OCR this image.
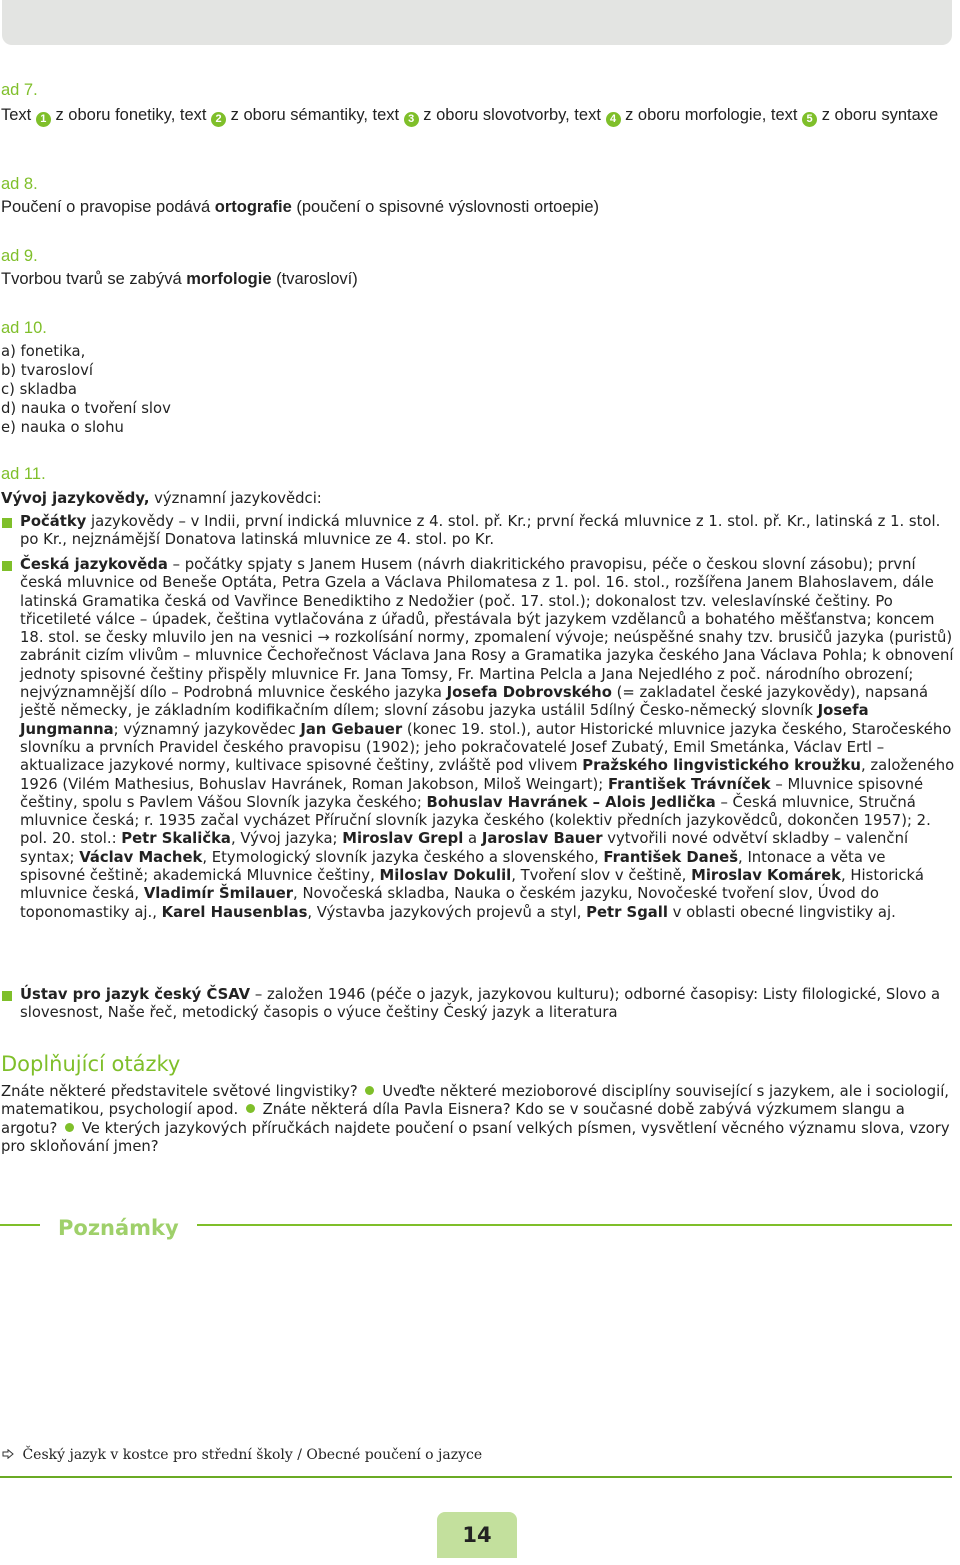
ad 7.
Text 1 z oboru fonetiky, text 2 z oboru sémantiky, text 3 z oboru slovotvorby, text 4 z oboru morfologie, text 5 z oboru syntaxe
ad 8.
Poučení o pravopise podává ortografie (poučení o spisovné výslovnosti ortoepie)
ad 9.
Tvorbou tvarů se zabývá morfologie (tvarosloví)
ad 10.
a) fonetika,
b) tvarosloví
c) skladba
d) nauka o tvoření slov
e) nauka o slohu
ad 11.
Vývoj jazykovědy, významní jazykovědci:
Počátky jazykovědy – v Indii, první indická mluvnice z 4. stol. př. Kr.; první řecká mluvnice z 1. stol. př. Kr., latinská z 1. stol. po Kr., nejznámější Donatova latinská mluvnice ze 4. stol. po Kr.
Česká jazykověda – počátky spjaty s Janem Husem (návrh diakritického pravopisu, péče o českou slovní zásobu); první česká mluvnice od Beneše Optáta, Petra Gzela a Václava Philomatesa z 1. pol. 16. stol., rozšířena Janem Blahoslavem, dále latinská Gramatika česká od Vavřince Benediktiho z Nedožier (poč. 17. stol.); dokonalost tzv. veleslavínské češtiny. Po třicetileté válce – úpadek, čeština vytlačována z úřadů, přestávala být jazykem vzdělanců a bohatého měšťanstva; koncem 18. stol. se česky mluvilo jen na vesnici → rozkolísání normy, zpomalení vývoje; neúspěšné snahy tzv. brusičů jazyka (puristů) zabránit cizím vlivům – mluvnice Čechořečnost Václava Jana Rosy a Gramatika jazyka českého Jana Václava Pohla; k obnovení jednoty spisovné češtiny přispěly mluvnice Fr. Jana Tomsy, Fr. Martina Pelcla a Jana Nejedlého z poč. národního obrození; nejvýznamnější dílo – Podrobná mluvnice českého jazyka Josefa Dobrovského (= zakladatel české jazykovědy), napsaná ještě německy, je základním kodifikačním dílem; slovní zásobu jazyka ustálil 5dílný Česko-německý slovník Josefa Jungmanna; významný jazykovědec Jan Gebauer (konec 19. stol.), autor Historické mluvnice jazyka českého, Staročeského slovníku a prvních Pravidel českého pravopisu (1902); jeho pokračovatelé Josef Zubatý, Emil Smetánka, Václav Ertl – aktualizace jazykové normy, kultivace spisovné češtiny, zvláště pod vlivem Pražského lingvistického kroužku, založeného 1926 (Vilém Mathesius, Bohuslav Havránek, Roman Jakobson, Miloš Weingart); František Trávníček – Mluvnice spisovné češtiny, spolu s Pavlem Vášou Slovník jazyka českého; Bohuslav Havránek – Alois Jedlička – Česká mluvnice, Stručná mluvnice česká; r. 1935 začal vycházet Příruční slovník jazyka českého (kolektiv předních jazykovědců, dokončen 1957); 2. pol. 20. stol.: Petr Skalička, Vývoj jazyka; Miroslav Grepl a Jaroslav Bauer vytvořili nové odvětví skladby – valenční syntax; Václav Machek, Etymologický slovník jazyka českého a slovenského, František Daneš, Intonace a věta ve spisovné češtině; akademická Mluvnice češtiny, Miloslav Dokulil, Tvoření slov v češtině, Miroslav Komárek, Historická mluvnice česká, Vladimír Šmilauer, Novočeská skladba, Nauka o českém jazyku, Novočeské tvoření slov, Úvod do toponomastiky aj., Karel Hausenblas, Výstavba jazykových projevů a styl, Petr Sgall v oblasti obecné lingvistiky aj.
Ústav pro jazyk český ČSAV – založen 1946 (péče o jazyk, jazykovou kulturu); odborné časopisy: Listy filologické, Slovo a slovesnost, Naše řeč, metodický časopis o výuce češtiny Český jazyk a literatura
Doplňující otázky
Znáte některé představitele světové lingvistiky? Uveďte některé mezioborové disciplíny související s jazykem, ale i sociologií, matematikou, psychologií apod. Znáte některá díla Pavla Eisnera? Kdo se v současné době zabývá výzkumem slangu a argotu? Ve kterých jazykových příručkách najdete poučení o psaní velkých písmen, vysvětlení věcného významu slova, vzory pro skloňování jmen?
Poznámky
Český jazyk v kostce pro střední školy / Obecné poučení o jazyce
14
